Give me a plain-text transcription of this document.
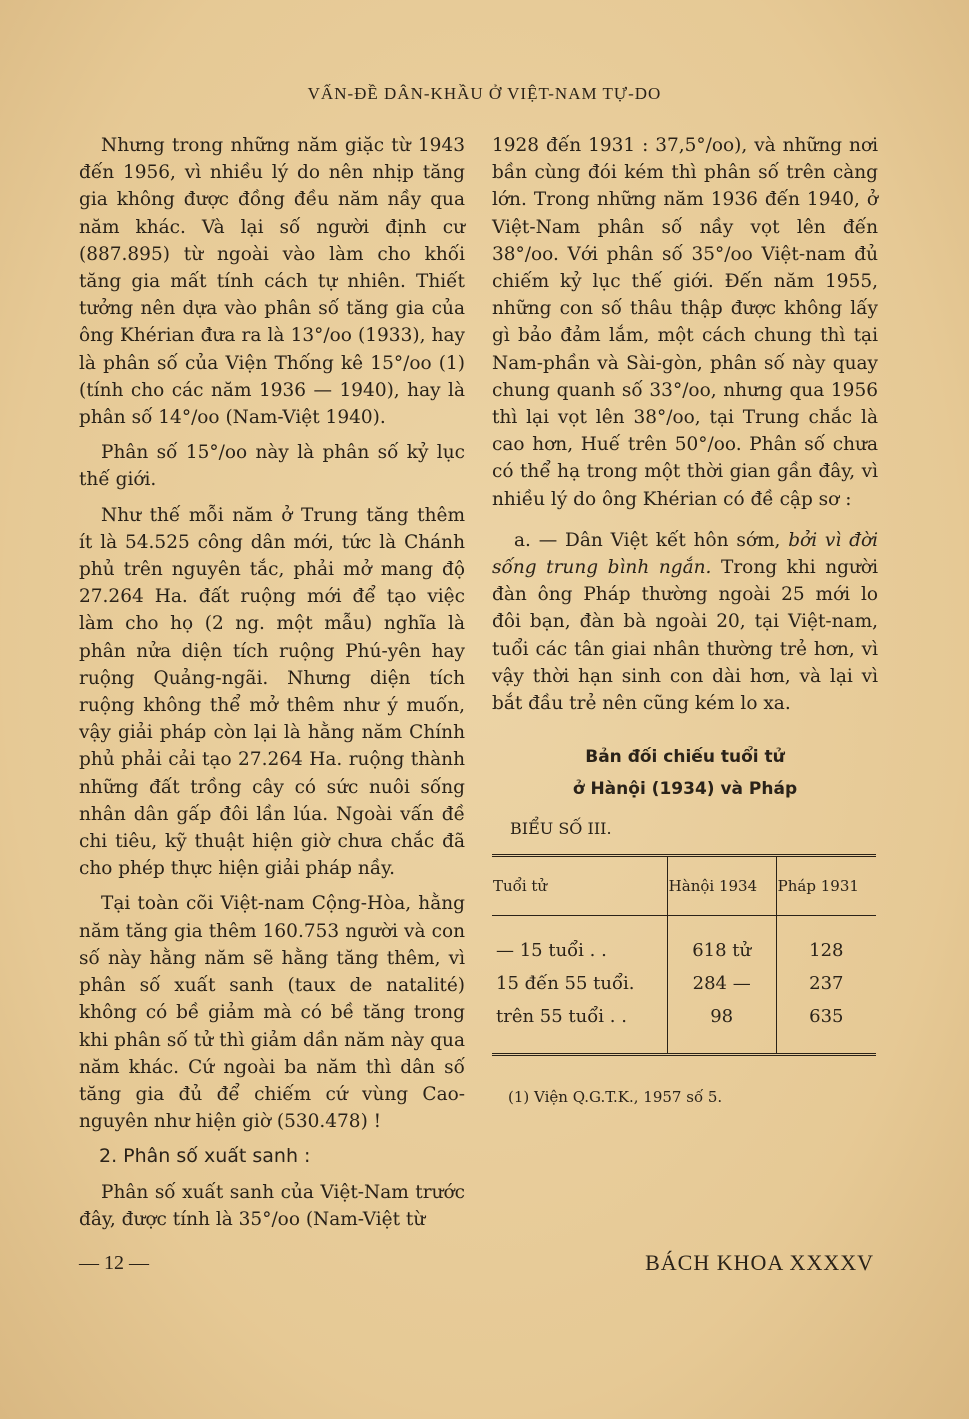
VẤN-ĐỀ DÂN-KHẦU Ở VIỆT-NAM TỰ-DO

Nhưng trong những năm giặc từ 1943 đến 1956, vì nhiều lý do nên nhịp tăng gia không được đồng đều năm nầy qua năm khác. Và lại số người định cư (887.895) từ ngoài vào làm cho khối tăng gia mất tính cách tự nhiên. Thiết tưởng nên dựa vào phân số tăng gia của ông Khérian đưa ra là 13°/oo (1933), hay là phân số của Viện Thống kê 15°/oo (1) (tính cho các năm 1936 — 1940), hay là phân số 14°/oo (Nam-Việt 1940).

Phân số 15°/oo này là phân số kỷ lục thế giới.

Như thế mỗi năm ở Trung tăng thêm ít là 54.525 công dân mới, tức là Chánh phủ trên nguyên tắc, phải mở mang độ 27.264 Ha. đất ruộng mới để tạo việc làm cho họ (2 ng. một mẫu) nghĩa là phân nửa diện tích ruộng Phú-yên hay ruộng Quảng-ngãi. Nhưng diện tích ruộng không thể mở thêm như ý muốn, vậy giải pháp còn lại là hằng năm Chính phủ phải cải tạo 27.264 Ha. ruộng thành những đất trồng cây có sức nuôi sống nhân dân gấp đôi lần lúa. Ngoài vấn đề chi tiêu, kỹ thuật hiện giờ chưa chắc đã cho phép thực hiện giải pháp nầy.

Tại toàn cõi Việt-nam Cộng-Hòa, hằng năm tăng gia thêm 160.753 người và con số này hằng năm sẽ hằng tăng thêm, vì phân số xuất sanh (taux de natalité) không có bề giảm mà có bề tăng trong khi phân số tử thì giảm dần năm này qua năm khác. Cứ ngoài ba năm thì dân số tăng gia đủ để chiếm cứ vùng Cao-nguyên như hiện giờ (530.478) !

2. Phân số xuất sanh :

Phân số xuất sanh của Việt-Nam trước đây, được tính là 35°/oo (Nam-Việt từ

1928 đến 1931 : 37,5°/oo), và những nơi bần cùng đói kém thì phân số trên càng lớn. Trong những năm 1936 đến 1940, ở Việt-Nam phân số nầy vọt lên đến 38°/oo. Với phân số 35°/oo Việt-nam đủ chiếm kỷ lục thế giới. Đến năm 1955, những con số thâu thập được không lấy gì bảo đảm lắm, một cách chung thì tại Nam-phần và Sài-gòn, phân số này quay chung quanh số 33°/oo, nhưng qua 1956 thì lại vọt lên 38°/oo, tại Trung chắc là cao hơn, Huế trên 50°/oo. Phân số chưa có thể hạ trong một thời gian gần đây, vì nhiều lý do ông Khérian có đề cập sơ :

a. — Dân Việt kết hôn sớm, bởi vì đời sống trung bình ngắn. Trong khi người đàn ông Pháp thường ngoài 25 mới lo đôi bạn, đàn bà ngoài 20, tại Việt-nam, tuổi các tân giai nhân thường trẻ hơn, vì vậy thời hạn sinh con dài hơn, và lại vì bắt đầu trẻ nên cũng kém lo xa.

Bản đối chiếu tuổi tử
ở Hànội (1934) và Pháp
BIỂU SỐ III.
Tuổi tử	Hànội 1934	Pháp 1931
— 15 tuổi . .	618 tử	128
15 đến 55 tuổi.	284 —	237
trên 55 tuổi . .	98	635
(1) Viện Q.G.T.K., 1957 số 5.
— 12 —	BÁCH KHOA XXXXV
